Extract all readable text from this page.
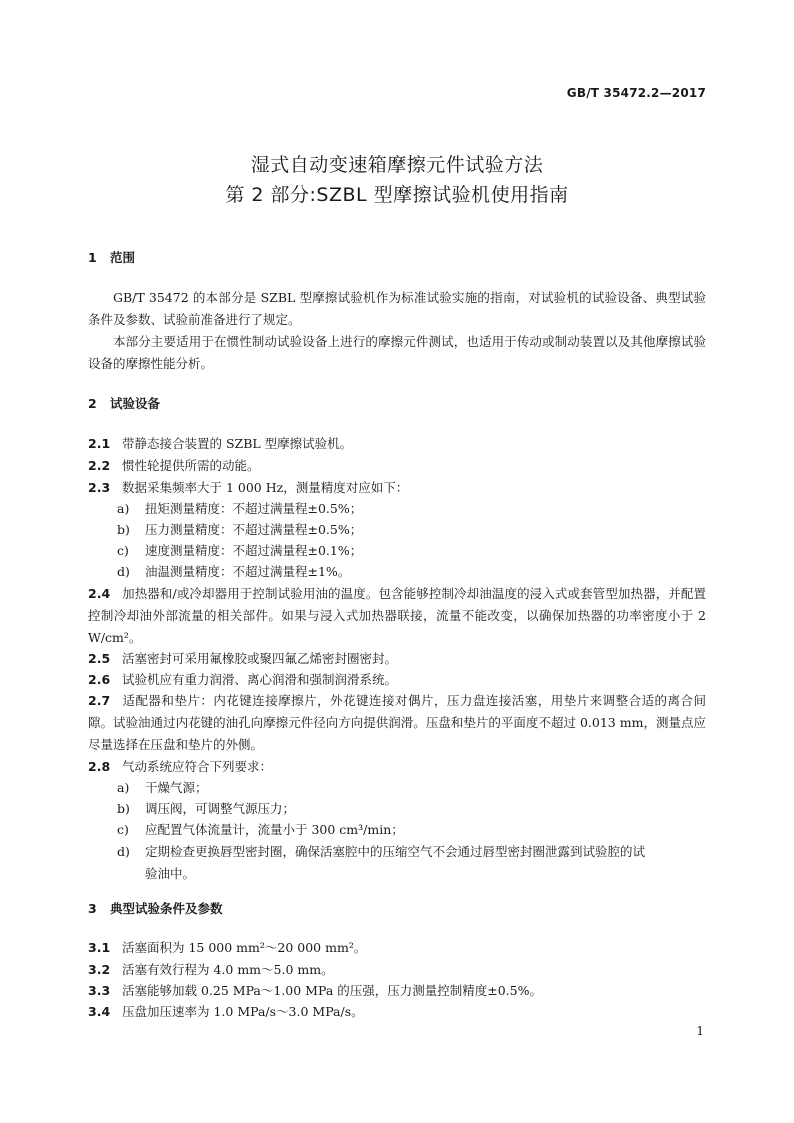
GB/T 35472.2—2017
湿式自动变速箱摩擦元件试验方法
第 2 部分:SZBL 型摩擦试验机使用指南
1 范围
GB/T 35472 的本部分是 SZBL 型摩擦试验机作为标准试验实施的指南，对试验机的试验设备、典型试验条件及参数、试验前准备进行了规定。
本部分主要适用于在惯性制动试验设备上进行的摩擦元件测试，也适用于传动或制动装置以及其他摩擦试验设备的摩擦性能分析。
2 试验设备
2.1 带静态接合装置的 SZBL 型摩擦试验机。
2.2 惯性轮提供所需的动能。
2.3 数据采集频率大于 1 000 Hz，测量精度对应如下：
a) 扭矩测量精度：不超过满量程±0.5%；
b) 压力测量精度：不超过满量程±0.5%；
c) 速度测量精度：不超过满量程±0.1%；
d) 油温测量精度：不超过满量程±1%。
2.4 加热器和/或冷却器用于控制试验用油的温度。包含能够控制冷却油温度的浸入式或套管型加热器，并配置控制冷却油外部流量的相关部件。如果与浸入式加热器联接，流量不能改变，以确保加热器的功率密度小于 2 W/cm²。
2.5 活塞密封可采用氟橡胶或聚四氟乙烯密封圈密封。
2.6 试验机应有重力润滑、离心润滑和强制润滑系统。
2.7 适配器和垫片：内花键连接摩擦片，外花键连接对偶片，压力盘连接活塞，用垫片来调整合适的离合间隙。试验油通过内花键的油孔向摩擦元件径向方向提供润滑。压盘和垫片的平面度不超过 0.013 mm，测量点应尽量选择在压盘和垫片的外侧。
2.8 气动系统应符合下列要求：
a) 干燥气源；
b) 调压阀，可调整气源压力；
c) 应配置气体流量计，流量小于 300 cm³/min；
d) 定期检查更换唇型密封圈，确保活塞腔中的压缩空气不会通过唇型密封圈泄露到试验腔的试
验油中。
3 典型试验条件及参数
3.1 活塞面积为 15 000 mm²～20 000 mm²。
3.2 活塞有效行程为 4.0 mm～5.0 mm。
3.3 活塞能够加载 0.25 MPa～1.00 MPa 的压强，压力测量控制精度±0.5%。
3.4 压盘加压速率为 1.0 MPa/s～3.0 MPa/s。
1
